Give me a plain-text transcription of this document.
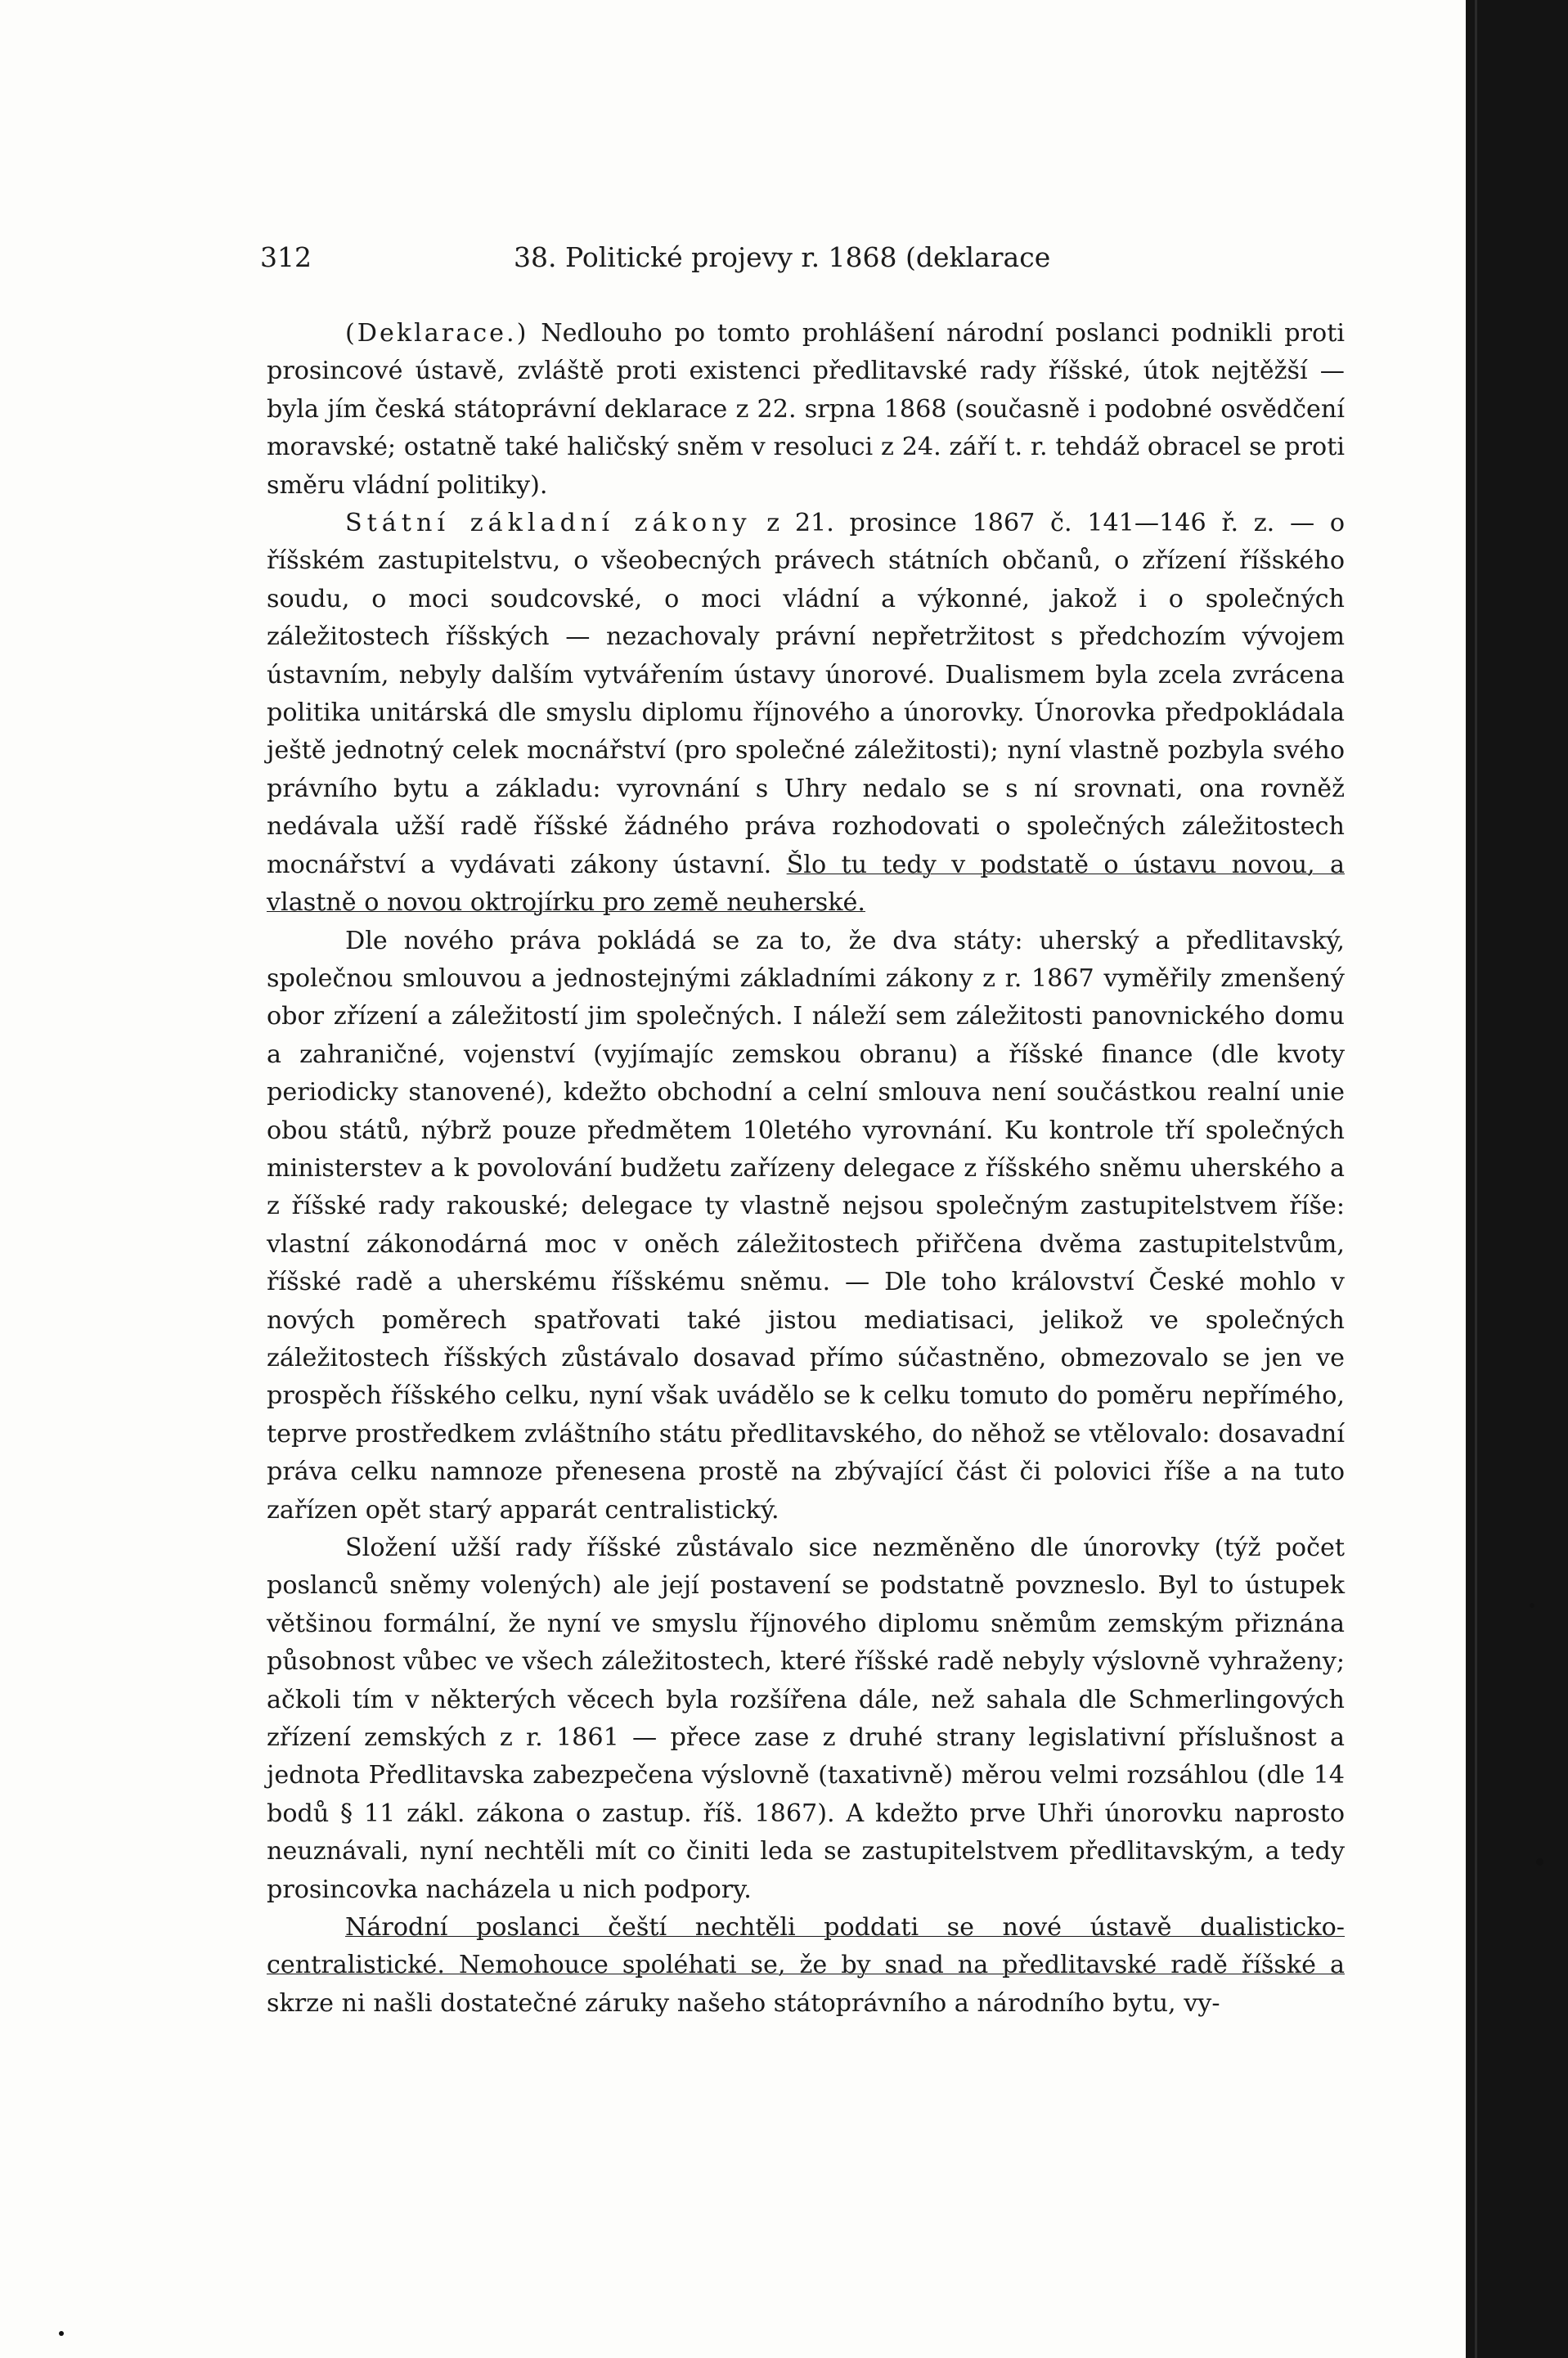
312	38. Politické projevy r. 1868 (deklarace

(Deklarace.) Nedlouho po tomto prohlášení národní poslanci podnikli proti prosincové ústavě, zvláště proti existenci předlitavské rady říšské, útok nejtěžší — byla jím česká státoprávní deklarace z 22. srpna 1868 (současně i podobné osvědčení moravské; ostatně také haličský sněm v resoluci z 24. září t. r. tehdáž obracel se proti směru vládní politiky).

Státní základní zákony z 21. prosince 1867 č. 141—146 ř. z. — o říšském zastupitelstvu, o všeobecných právech státních občanů, o zřízení říšského soudu, o moci soudcovské, o moci vládní a výkonné, jakož i o společných záležitostech říšských — nezachovaly právní nepřetržitost s předchozím vývojem ústavním, nebyly dalším vytvářením ústavy únorové. Dualismem byla zcela zvrácena politika unitárská dle smyslu diplomu říjnového a únorovky. Únorovka předpokládala ještě jednotný celek mocnářství (pro společné záležitosti); nyní vlastně pozbyla svého právního bytu a základu: vyrovnání s Uhry nedalo se s ní srovnati, ona rovněž nedávala užší radě říšské žádného práva rozhodovati o společných záležitostech mocnářství a vydávati zákony ústavní. Šlo tu tedy v podstatě o ústavu novou, a vlastně o novou oktrojírku pro země neuherské.

Dle nového práva pokládá se za to, že dva státy: uherský a předlitavský, společnou smlouvou a jednostejnými základními zákony z r. 1867 vyměřily zmenšený obor zřízení a záležitostí jim společných. I náleží sem záležitosti panovnického domu a zahraničné, vojenství (vyjímajíc zemskou obranu) a říšské finance (dle kvoty periodicky stanovené), kdežto obchodní a celní smlouva není součástkou realní unie obou států, nýbrž pouze předmětem 10letého vyrovnání. Ku kontrole tří společných ministerstev a k povolování budžetu zařízeny delegace z říšského sněmu uherského a z říšské rady rakouské; delegace ty vlastně nejsou společným zastupitelstvem říše: vlastní zákonodárná moc v oněch záležitostech přiřčena dvěma zastupitelstvům, říšské radě a uherskému říšskému sněmu. — Dle toho království České mohlo v nových poměrech spatřovati také jistou mediatisaci, jelikož ve společných záležitostech říšských zůstávalo dosavad přímo súčastněno, obmezovalo se jen ve prospěch říšského celku, nyní však uvádělo se k celku tomuto do poměru nepřímého, teprve prostředkem zvláštního státu předlitavského, do něhož se vtělovalo: dosavadní práva celku namnoze přenesena prostě na zbývající část či polovici říše a na tuto zařízen opět starý apparát centralistický.

Složení užší rady říšské zůstávalo sice nezměněno dle únorovky (týž počet poslanců sněmy volených) ale její postavení se podstatně povzneslo. Byl to ústupek většinou formální, že nyní ve smyslu říjnového diplomu sněmům zemským přiznána působnost vůbec ve všech záležitostech, které říšské radě nebyly výslovně vyhraženy; ačkoli tím v některých věcech byla rozšířena dále, než sahala dle Schmerlingových zřízení zemských z r. 1861 — přece zase z druhé strany legislativní příslušnost a jednota Předlitavska zabezpečena výslovně (taxativně) měrou velmi rozsáhlou (dle 14 bodů § 11 zákl. zákona o zastup. říš. 1867). A kdežto prve Uhři únorovku naprosto neuznávali, nyní nechtěli mít co činiti leda se zastupitelstvem předlitavským, a tedy prosincovka nacházela u nich podpory.

Národní poslanci čeští nechtěli poddati se nové ústavě dualisticko-centralistické. Nemohouce spoléhati se, že by snad na předlitavské radě říšské a skrze ni našli dostatečné záruky našeho státoprávního a národního bytu, vy-
